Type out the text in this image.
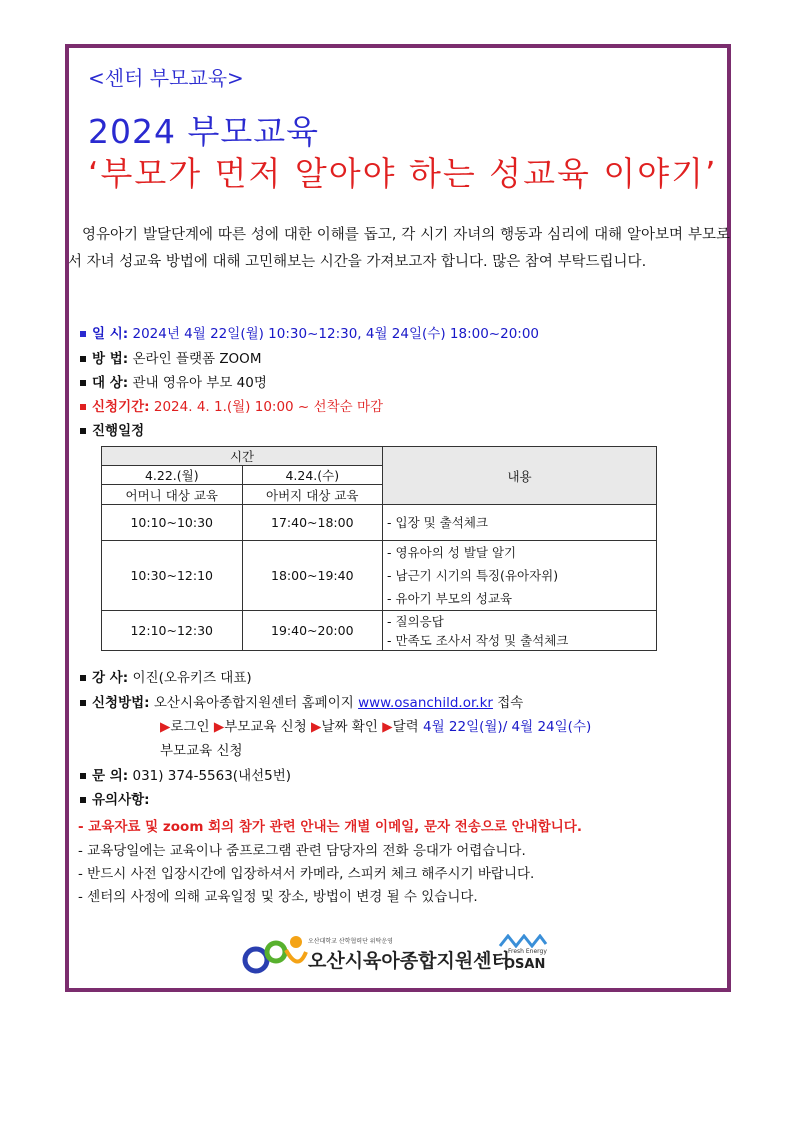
<센터 부모교육>
2024 부모교육
‘부모가 먼저 알아야 하는 성교육 이야기’
영유아기 발달단계에 따른 성에 대한 이해를 돕고, 각 시기 자녀의 행동과 심리에 대해 알아보며 부모로서 자녀 성교육 방법에 대해 고민해보는 시간을 가져보고자 합니다. 많은 참여 부탁드립니다.
일 시: 2024년 4월 22일(월) 10:30~12:30, 4월 24일(수) 18:00~20:00
방 법: 온라인 플랫폼 ZOOM
대 상: 관내 영유아 부모 40명
신청기간: 2024. 4. 1.(월) 10:00 ~ 선착순 마감
진행일정
시간		내용
4.22.(월)	4.24.(수)	
어머니 대상 교육	아버지 대상 교육	
10:10~10:30	17:40~18:00	- 입장 및 출석체크

10:30~12:10	18:00~19:40	- 영유아의 성 발달 알기
- 남근기 시기의 특징(유아자위)
- 유아기 부모의 성교육

12:10~12:30	19:40~20:00	- 질의응답
- 만족도 조사서 작성 및 출석체크
강 사: 이진(오유키즈 대표)
신청방법: 오산시육아종합지원센터 홈페이지 www.osanchild.or.kr 접속
▶로그인 ▶부모교육 신청 ▶날짜 확인 ▶달력 4월 22일(월)/ 4월 24일(수)
부모교육 신청
문 의: 031) 374-5563(내선5번)
유의사항:
- 교육자료 및 zoom 회의 참가 관련 안내는 개별 이메일, 문자 전송으로 안내합니다.
- 교육당일에는 교육이나 줌프로그램 관련 담당자의 전화 응대가 어렵습니다.
- 반드시 사전 입장시간에 입장하셔서 카메라, 스피커 체크 해주시기 바랍니다.
- 센터의 사정에 의해 교육일정 및 장소, 방법이 변경 될 수 있습니다.
오산대학교 산학협력단 위탁운영
오산시육아종합지원센터
Fresh Energy
OSAN
